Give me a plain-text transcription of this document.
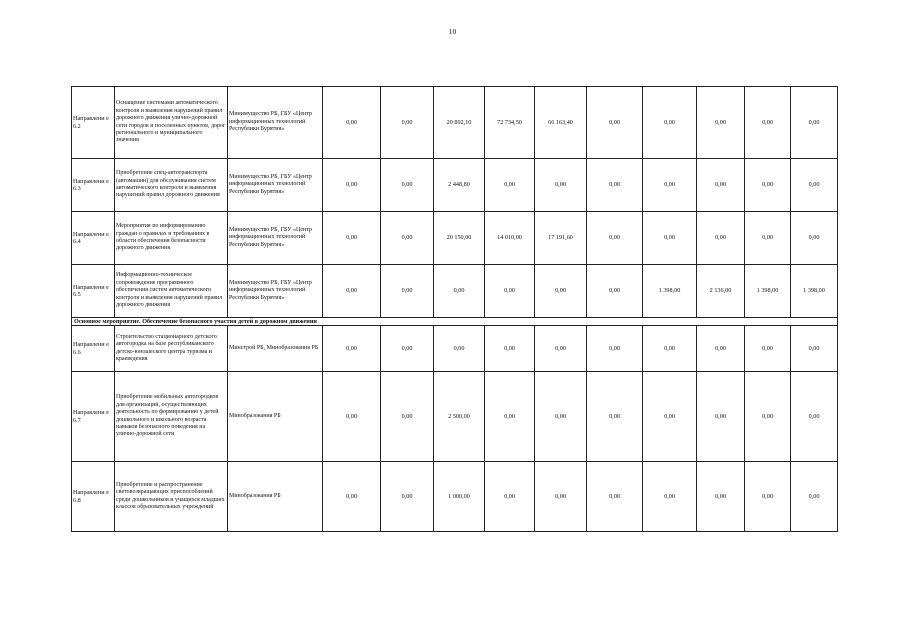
10
Направлени е 6.2	Оснащение системами автоматического контроля и выявления нарушений правил дорожного движения улично-дорожной сети городов и поселенных пунктов, дорог регионального и муниципального значения	Минимущество РБ, ГБУ «Центр информационных технологий Республики Бурятия»	0,00	0,00	20 892,10	72 734,50	66 163,40	0,00	0,00	0,00	0,00	0,00
Направлени е 6.3	Приобретение спец-автотранспорта (автомашин) для обслуживания систем автоматического контроля и выявления нарушений правил дорожного движения	Минимущество РБ, ГБУ «Центр информационных технологий Республики Бурятия»	0,00	0,00	2 448,80	0,00	0,00	0,00	0,00	0,00	0,00	0,00
Направлени е 6.4	Мероприятия по информированию граждан о правилах и требованиях в области обеспечения безопасности дорожного движения	Минимущество РБ, ГБУ «Центр информационных технологий Республики Бурятия»	0,00	0,00	20 150,00	14 010,00	17 191,60	0,00	0,00	0,00	0,00	0,00
Направлени е 6.5	Информационно-техническое сопровождение программного обеспечения систем автоматического контроля и выявления нарушений правил дорожного движения	Минимущество РБ, ГБУ «Центр информационных технологий Республики Бурятия»	0,00	0,00	0,00	0,00	0,00	0,00	1 398,00	2 136,00	1 398,00	1 398,00
Основное мероприятие. Обеспечение безопасного участия детей в дорожном движении												
Направлени е 6.6	Строительство стационарного детского автогородка на базе республиканского детско-юношеского центра туризма и краеведения	Минстрой РБ, Минобразования РБ	0,00	0,00	0,00	0,00	0,00	0,00	0,00	0,00	0,00	0,00
Направлени е 6.7	Приобретение мобильных автогородков для организаций, осуществляющих деятельность по формированию у детей дошкольного и школьного возраста навыков безопасного поведения на улично-дорожной сети	Минобразования РБ	0,00	0,00	2 500,00	0,00	0,00	0,00	0,00	0,00	0,00	0,00
Направлени е 6.8	Приобретение и распространение световозвращающих приспособлений среди дошкольников и учащихся младших классов образовательных учреждений	Минобразования РБ	0,00	0,00	1 000,00	0,00	0,00	0,00	0,00	0,00	0,00	0,00
